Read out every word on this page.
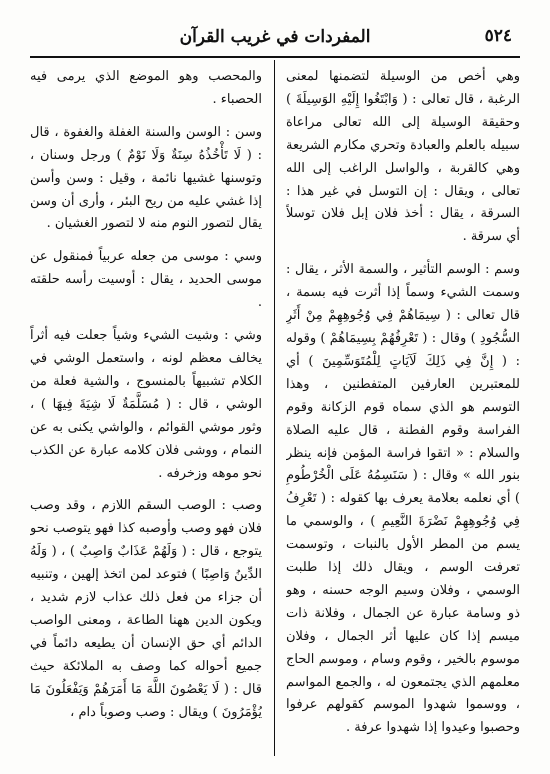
٥٢٤
المفردات في غريب القرآن

وهي أخص من الوسيلة لتضمنها لمعنى الرغبة ، قال تعالى : ( وَابْتَغُوا إِلَيْهِ الوَسِيلَةَ ) وحقيقة الوسيلة إلى الله تعالى مراعاة سبيله بالعلم والعبادة وتحري مكارم الشريعة وهي كالقربة ، والواسل الراغب إلى الله تعالى ، ويقال : إن التوسل في غير هذا : السرقة ، يقال : أخذ فلان إبل فلان توسلاً أي سرقة .

وسم : الوسم التأثير ، والسمة الأثر ، يقال : وسمت الشيء وسماً إذا أثرت فيه بسمة ، قال تعالى : ( سِيمَاهُمْ فِي وُجُوهِهِمْ مِنْ أَثَرِ السُّجُودِ ) وقال : ( تَعْرِفُهُمْ بِسِيمَاهُمْ ) وقوله : ( إِنَّ فِي ذَلِكَ لَآيَاتٍ لِلْمُتَوَسِّمِينَ ) أي للمعتبرين العارفين المتفطنين ، وهذا التوسم هو الذي سماه قوم الزكانة وقوم الفراسة وقوم الفطنة ، قال عليه الصلاة والسلام : « اتقوا فراسة المؤمن فإنه ينظر بنور الله » وقال : ( سَنَسِمُهُ عَلَى الْخُرْطُومِ ) أي نعلمه بعلامة يعرف بها كقوله : ( تَعْرِفُ فِي وُجُوهِهِمْ نَضْرَةَ النَّعِيمِ ) ، والوسمي ما يسم من المطر الأول بالنبات ، وتوسمت تعرفت الوسم ، ويقال ذلك إذا طلبت الوسمي ، وفلان وسيم الوجه حسنه ، وهو ذو وسامة عبارة عن الجمال ، وفلانة ذات ميسم إذا كان عليها أثر الجمال ، وفلان موسوم بالخير ، وقوم وسام ، وموسم الحاج معلمهم الذي يجتمعون له ، والجمع المواسم ، ووسموا شهدوا الموسم كقولهم عرفوا وحصبوا وعيدوا إذا شهدوا عرفة .

والمحصب وهو الموضع الذي يرمى فيه الحصباء .

وسن : الوسن والسنة الغفلة والغفوة ، قال : ( لَا تَأْخُذُهُ سِنَةٌ وَلَا نَوْمٌ ) ورجل وسنان ، وتوسنها غشيها نائمة ، وقيل : وسن وأسن إذا غشي عليه من ريح البئر ، وأرى أن وسن يقال لتصور النوم منه لا لتصور الغشيان .

وسي : موسى من جعله عربياً فمنقول عن موسى الحديد ، يقال : أوسيت رأسه حلقته .

وشي : وشيت الشيء وشياً جعلت فيه أثراً يخالف معظم لونه ، واستعمل الوشي في الكلام تشبيهاً بالمنسوج ، والشية فعلة من الوشي ، قال : ( مُسَلَّمَةٌ لَا شِيَةَ فِيهَا ) ، وثور موشي القوائم ، والواشي يكنى به عن النمام ، ووشى فلان كلامه عبارة عن الكذب نحو موهه وزخرفه .

وصب : الوصب السقم اللازم ، وقد وصب فلان فهو وصب وأوصبه كذا فهو يتوصب نحو يتوجع ، قال : ( وَلَهُمْ عَذَابٌ وَاصِبٌ ) ، ( وَلَهُ الدِّينُ وَاصِبًا ) فتوعد لمن اتخذ إلهين ، وتنبيه أن جزاء من فعل ذلك عذاب لازم شديد ، ويكون الدين ههنا الطاعة ، ومعنى الواصب الدائم أي حق الإنسان أن يطيعه دائماً في جميع أحواله كما وصف به الملائكة حيث قال : ( لَا يَعْصُونَ اللَّهَ مَا أَمَرَهُمْ وَيَفْعَلُونَ مَا يُؤْمَرُونَ ) ويقال : وصب وصوباً دام ،
